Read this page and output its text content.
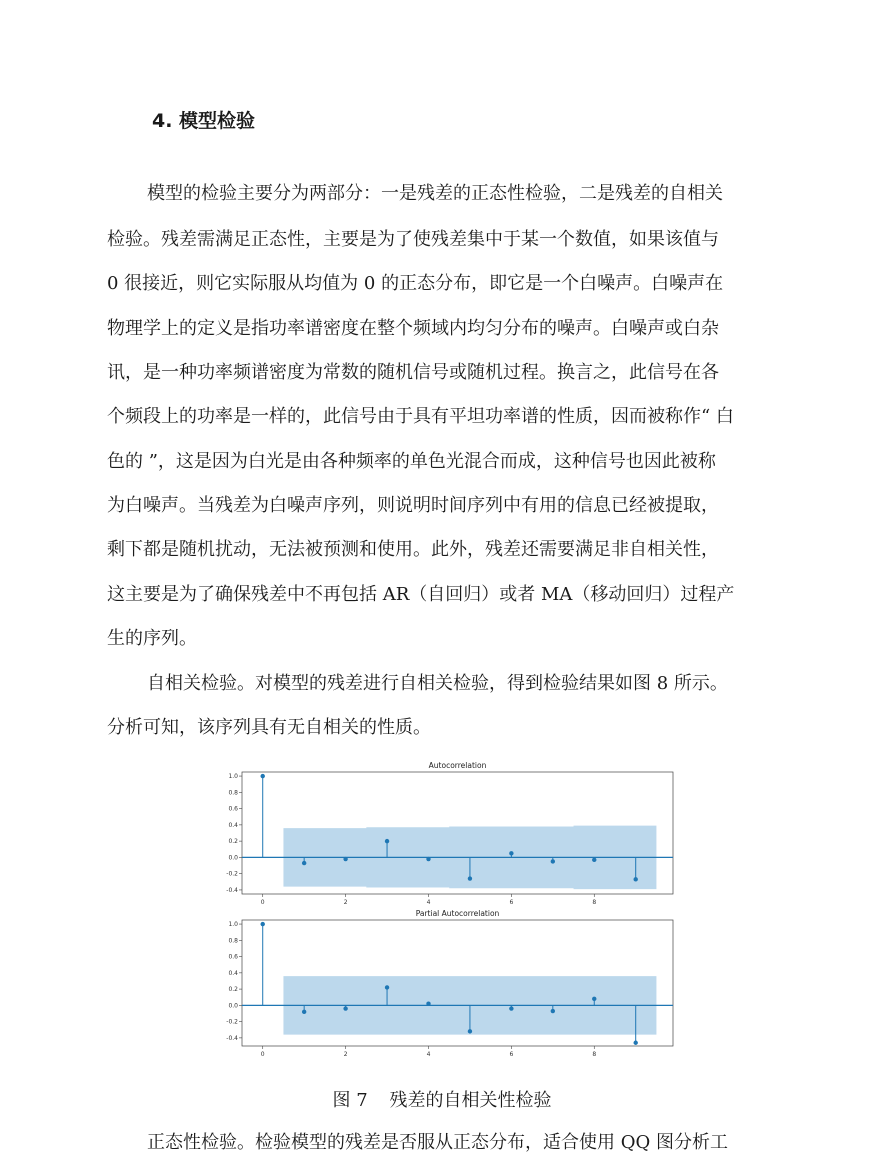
4. 模型检验
模型的检验主要分为两部分：一是残差的正态性检验，二是残差的自相关
检验。残差需满足正态性，主要是为了使残差集中于某一个数值，如果该值与
0 很接近，则它实际服从均值为 0 的正态分布，即它是一个白噪声。白噪声在
物理学上的定义是指功率谱密度在整个频域内均匀分布的噪声。白噪声或白杂
讯，是一种功率频谱密度为常数的随机信号或随机过程。换言之，此信号在各
个频段上的功率是一样的，此信号由于具有平坦功率谱的性质，因而被称作“ 白
色的 ”，这是因为白光是由各种频率的单色光混合而成，这种信号也因此被称
为白噪声。当残差为白噪声序列，则说明时间序列中有用的信息已经被提取，
剩下都是随机扰动，无法被预测和使用。此外，残差还需要满足非自相关性，
这主要是为了确保残差中不再包括 AR（自回归）或者 MA（移动回归）过程产
生的序列。
自相关检验。对模型的残差进行自相关检验，得到检验结果如图 8 所示。
分析可知，该序列具有无自相关的性质。
Autocorrelation
1.0
0.8
0.6
0.4
0.2
0.0
-0.2
-0.4
0	2	4	6	8
Partial Autocorrelation
1.0
0.8
0.6
0.4
0.2
0.0
-0.2
-0.4
0	2	4	6	8
图 7 残差的自相关性检验
正态性检验。检验模型的残差是否服从正态分布，适合使用 QQ 图分析工
